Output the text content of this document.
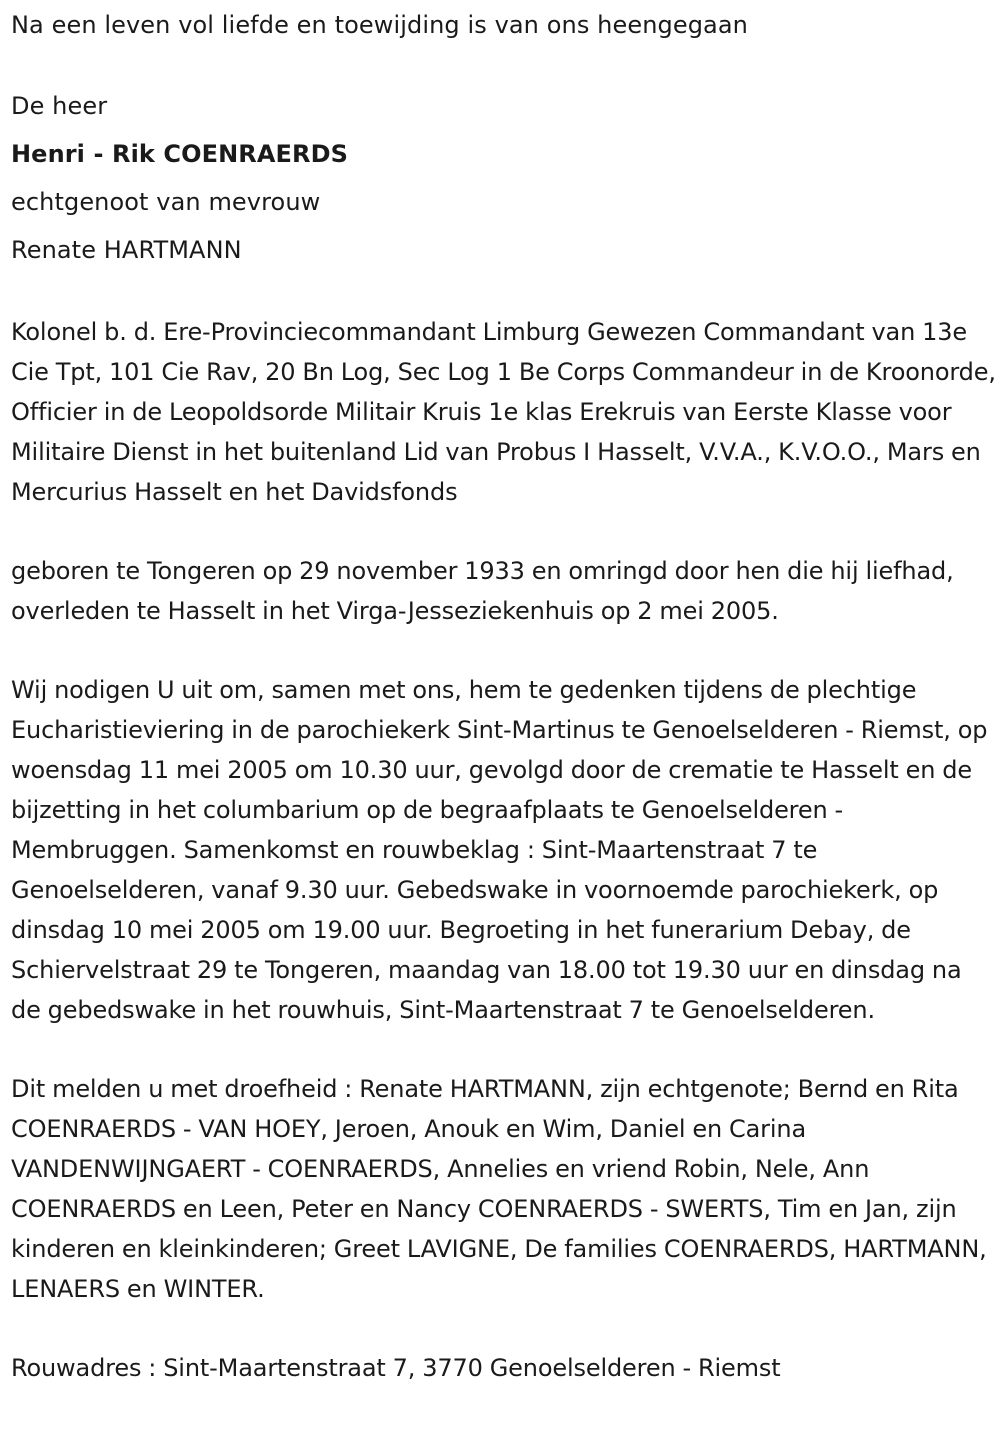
Na een leven vol liefde en toewijding is van ons heengegaan
De heer
Henri - Rik COENRAERDS
echtgenoot van mevrouw
Renate HARTMANN
Kolonel b. d. Ere-Provinciecommandant Limburg Gewezen Commandant van 13e Cie Tpt, 101 Cie Rav, 20 Bn Log, Sec Log 1 Be Corps Commandeur in de Kroonorde, Officier in de Leopoldsorde Militair Kruis 1e klas Erekruis van Eerste Klasse voor Militaire Dienst in het buitenland Lid van Probus I Hasselt, V.V.A., K.V.O.O., Mars en Mercurius Hasselt en het Davidsfonds
geboren te Tongeren op 29 november 1933 en omringd door hen die hij liefhad, overleden te Hasselt in het Virga-Jesseziekenhuis op 2 mei 2005.
Wij nodigen U uit om, samen met ons, hem te gedenken tijdens de plechtige Eucharistieviering in de parochiekerk Sint-Martinus te Genoelselderen - Riemst, op woensdag 11 mei 2005 om 10.30 uur, gevolgd door de crematie te Hasselt en de bijzetting in het columbarium op de begraafplaats te Genoelselderen - Membruggen. Samenkomst en rouwbeklag : Sint-Maartenstraat 7 te Genoelselderen, vanaf 9.30 uur. Gebedswake in voornoemde parochiekerk, op dinsdag 10 mei 2005 om 19.00 uur. Begroeting in het funerarium Debay, de Schiervelstraat 29 te Tongeren, maandag van 18.00 tot 19.30 uur en dinsdag na de gebedswake in het rouwhuis, Sint-Maartenstraat 7 te Genoelselderen.
Dit melden u met droefheid : Renate HARTMANN, zijn echtgenote; Bernd en Rita COENRAERDS - VAN HOEY, Jeroen, Anouk en Wim, Daniel en Carina VANDENWIJNGAERT - COENRAERDS, Annelies en vriend Robin, Nele, Ann COENRAERDS en Leen, Peter en Nancy COENRAERDS - SWERTS, Tim en Jan, zijn kinderen en kleinkinderen; Greet LAVIGNE, De families COENRAERDS, HARTMANN, LENAERS en WINTER.
Rouwadres : Sint-Maartenstraat 7, 3770 Genoelselderen - Riemst
